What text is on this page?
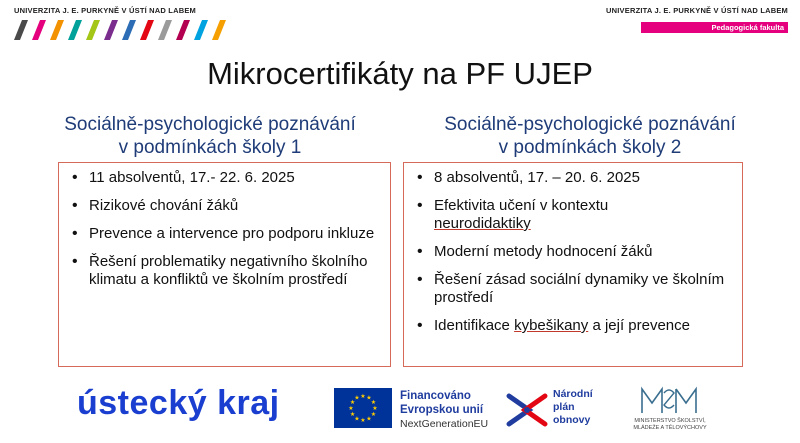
UNIVERZITA J. E. PURKYNĚ V ÚSTÍ NAD LABEM	UNIVERZITA J. E. PURKYNĚ V ÚSTÍ NAD LABEM
Pedagogická fakulta
Mikrocertifikáty na PF UJEP
Sociálně-psychologické poznávání
v podmínkách školy 1
Sociálně-psychologické poznávání
v podmínkách školy 2
• 11 absolventů, 17.- 22. 6. 2025
• Rizikové chování žáků
• Prevence a intervence pro podporu inkluze
• Řešení problematiky negativního školního klimatu a konfliktů ve školním prostředí
• 8 absolventů, 17. – 20. 6. 2025
• Efektivita učení v kontextu
neurodidaktiky
• Moderní metody hodnocení žáků
• Řešení zásad sociální dynamiky ve školním prostředí
• Identifikace kybešikany a její prevence
ústecký kraj	★ ★
★
★
★
★
★
★
★
★
★
★	Financováno
Evropskou unií
NextGenerationEU
Národní
plán
obnovy	MINISTERSTVO ŠKOLSTVÍ,
MLÁDEŽE A TĚLOVÝCHOVY
